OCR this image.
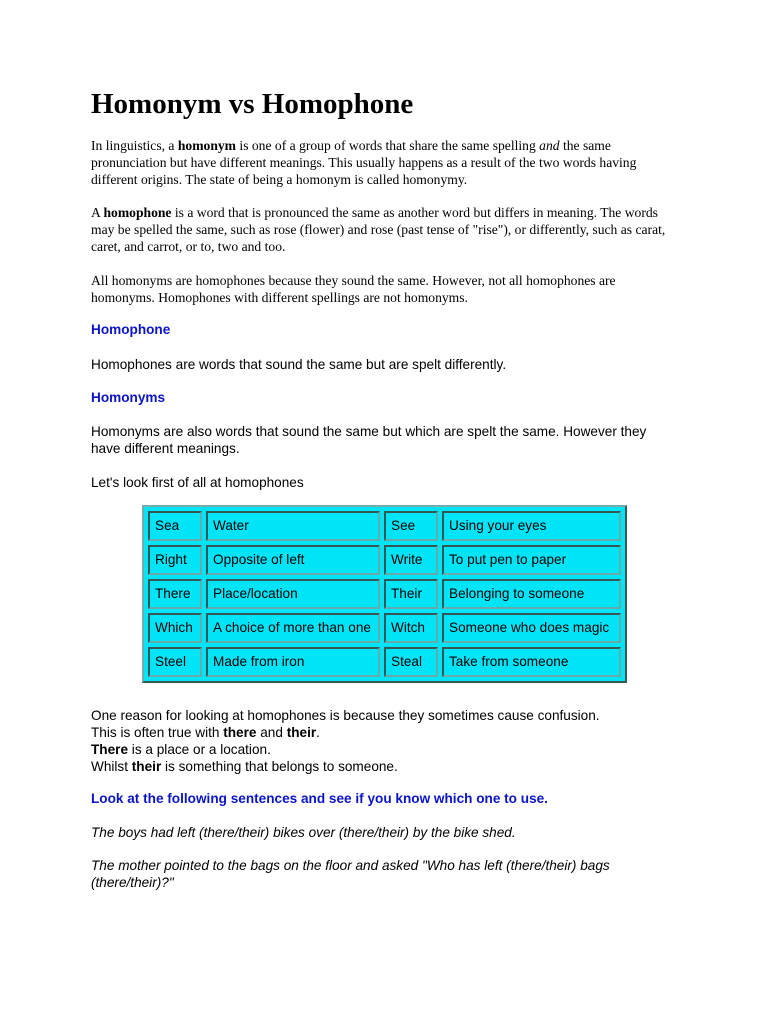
Homonym vs Homophone

In linguistics, a homonym is one of a group of words that share the same spelling and the same pronunciation but have different meanings. This usually happens as a result of the two words having different origins. The state of being a homonym is called homonymy.

A homophone is a word that is pronounced the same as another word but differs in meaning. The words may be spelled the same, such as rose (flower) and rose (past tense of "rise"), or differently, such as carat, caret, and carrot, or to, two and too.

All homonyms are homophones because they sound the same. However, not all homophones are homonyms. Homophones with different spellings are not homonyms.

Homophone

Homophones are words that sound the same but are spelt differently.

Homonyms

Homonyms are also words that sound the same but which are spelt the same. However they have different meanings.

Let's look first of all at homophones

Sea	Water	See	Using your eyes
Right	Opposite of left	Write	To put pen to paper
There	Place/location	Their	Belonging to someone
Which	A choice of more than one	Witch	Someone who does magic
Steel	Made from iron	Steal	Take from someone

One reason for looking at homophones is because they sometimes cause confusion.
This is often true with there and their.
There is a place or a location.
Whilst their is something that belongs to someone.

Look at the following sentences and see if you know which one to use.

The boys had left (there/their) bikes over (there/their) by the bike shed.

The mother pointed to the bags on the floor and asked "Who has left (there/their) bags (there/their)?"
